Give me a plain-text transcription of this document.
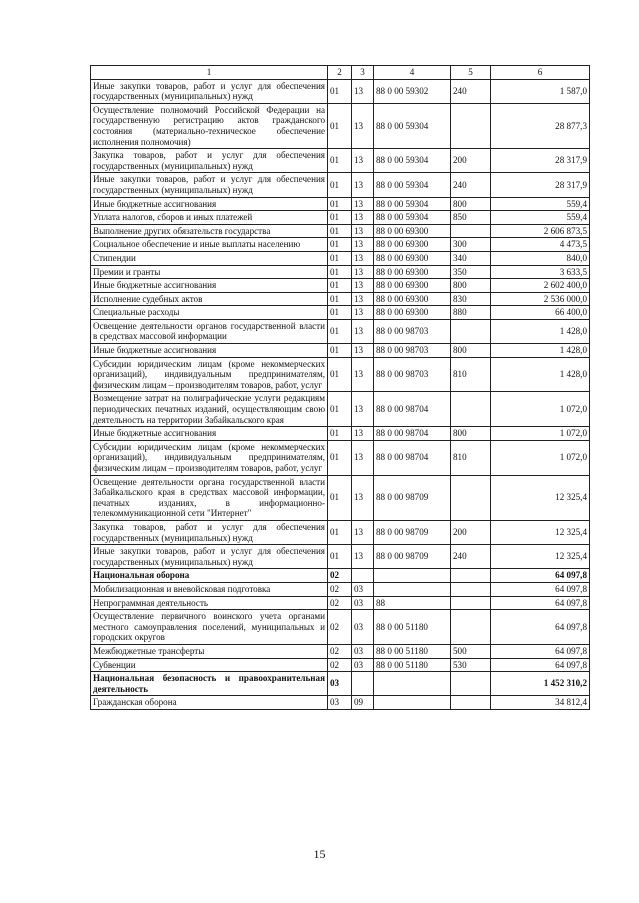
1	2	3	4	5	6
Иные закупки товаров, работ и услуг для обеспечения государственных (муниципальных) нужд	01	13	88 0 00 59302	240	1 587,0
Осуществление полномочий Российской Федерации на государственную регистрацию актов гражданского состояния (материально-техническое обеспечение исполнения полномочия)	01	13	88 0 00 59304		28 877,3
Закупка товаров, работ и услуг для обеспечения государственных (муниципальных) нужд	01	13	88 0 00 59304	200	28 317,9
Иные закупки товаров, работ и услуг для обеспечения государственных (муниципальных) нужд	01	13	88 0 00 59304	240	28 317,9
Иные бюджетные ассигнования	01	13	88 0 00 59304	800	559,4
Уплата налогов, сборов и иных платежей	01	13	88 0 00 59304	850	559,4
Выполнение других обязательств государства	01	13	88 0 00 69300		2 606 873,5
Социальное обеспечение и иные выплаты населению	01	13	88 0 00 69300	300	4 473,5
Стипендии	01	13	88 0 00 69300	340	840,0
Премии и гранты	01	13	88 0 00 69300	350	3 633,5
Иные бюджетные ассигнования	01	13	88 0 00 69300	800	2 602 400,0
Исполнение судебных актов	01	13	88 0 00 69300	830	2 536 000,0
Специальные расходы	01	13	88 0 00 69300	880	66 400,0
Освещение деятельности органов государственной власти в средствах массовой информации	01	13	88 0 00 98703		1 428,0
Иные бюджетные ассигнования	01	13	88 0 00 98703	800	1 428,0
Субсидии юридическим лицам (кроме некоммерческих организаций), индивидуальным предпринимателям, физическим лицам – производителям товаров, работ, услуг	01	13	88 0 00 98703	810	1 428,0
Возмещение затрат на полиграфические услуги редакциям периодических печатных изданий, осуществляющим свою деятельность на территории Забайкальского края	01	13	88 0 00 98704		1 072,0
Иные бюджетные ассигнования	01	13	88 0 00 98704	800	1 072,0
Субсидии юридическим лицам (кроме некоммерческих организаций), индивидуальным предпринимателям, физическим лицам – производителям товаров, работ, услуг	01	13	88 0 00 98704	810	1 072,0
Освещение деятельности органа государственной власти Забайкальского края в средствах массовой информации, печатных изданиях, в информационно-телекоммуникационной сети "Интернет"	01	13	88 0 00 98709		12 325,4
Закупка товаров, работ и услуг для обеспечения государственных (муниципальных) нужд	01	13	88 0 00 98709	200	12 325,4
Иные закупки товаров, работ и услуг для обеспечения государственных (муниципальных) нужд	01	13	88 0 00 98709	240	12 325,4
Национальная оборона	02				64 097,8
Мобилизационная и вневойсковая подготовка	02	03			64 097,8
Непрограммная деятельность	02	03	88		64 097,8
Осуществление первичного воинского учета органами местного самоуправления поселений, муниципальных и городских округов	02	03	88 0 00 51180		64 097,8
Межбюджетные трансферты	02	03	88 0 00 51180	500	64 097,8
Субвенции	02	03	88 0 00 51180	530	64 097,8
Национальная безопасность и правоохранительная деятельность	03				1 452 310,2
Гражданская оборона	03	09			34 812,4
15
